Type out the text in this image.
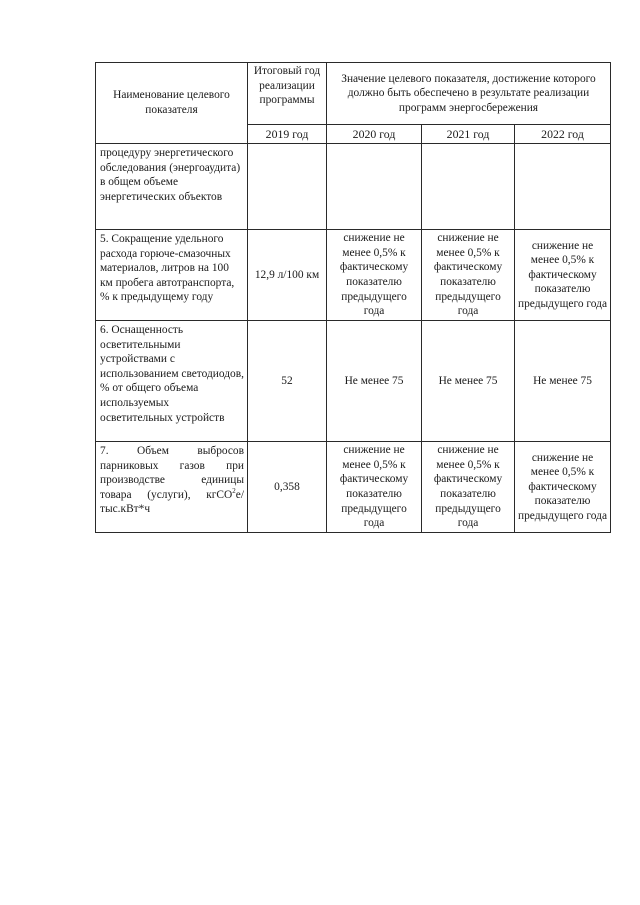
Наименование целевого показателя	Итоговый год реализации программы	Значение целевого показателя, достижение которого должно быть обеспечено в результате реализации программ энергосбережения		
	2019 год	2020 год	2021 год	2022 год
процедуру энергетического обследования (энергоаудита) в общем объеме энергетических объектов				
5. Сокращение удельного расхода горюче-смазочных материалов, литров на 100 км пробега автотранспорта, % к предыдущему году	12,9 л/100 км	снижение не менее 0,5% к фактическому показателю предыдущего года	снижение не менее 0,5% к фактическому показателю предыдущего года	снижение не менее 0,5% к фактическому показателю предыдущего года
6. Оснащенность осветительными устройствами с использованием светодиодов, % от общего объема используемых осветительных устройств	52	Не менее 75	Не менее 75	Не менее 75
7. Объем выбросов парниковых газов при производстве единицы товара (услуги), кгСО$^2$е/тыс.кВт*ч	0,358	снижение не менее 0,5% к фактическому показателю предыдущего года	снижение не менее 0,5% к фактическому показателю предыдущего года	снижение не менее 0,5% к фактическому показателю предыдущего года
